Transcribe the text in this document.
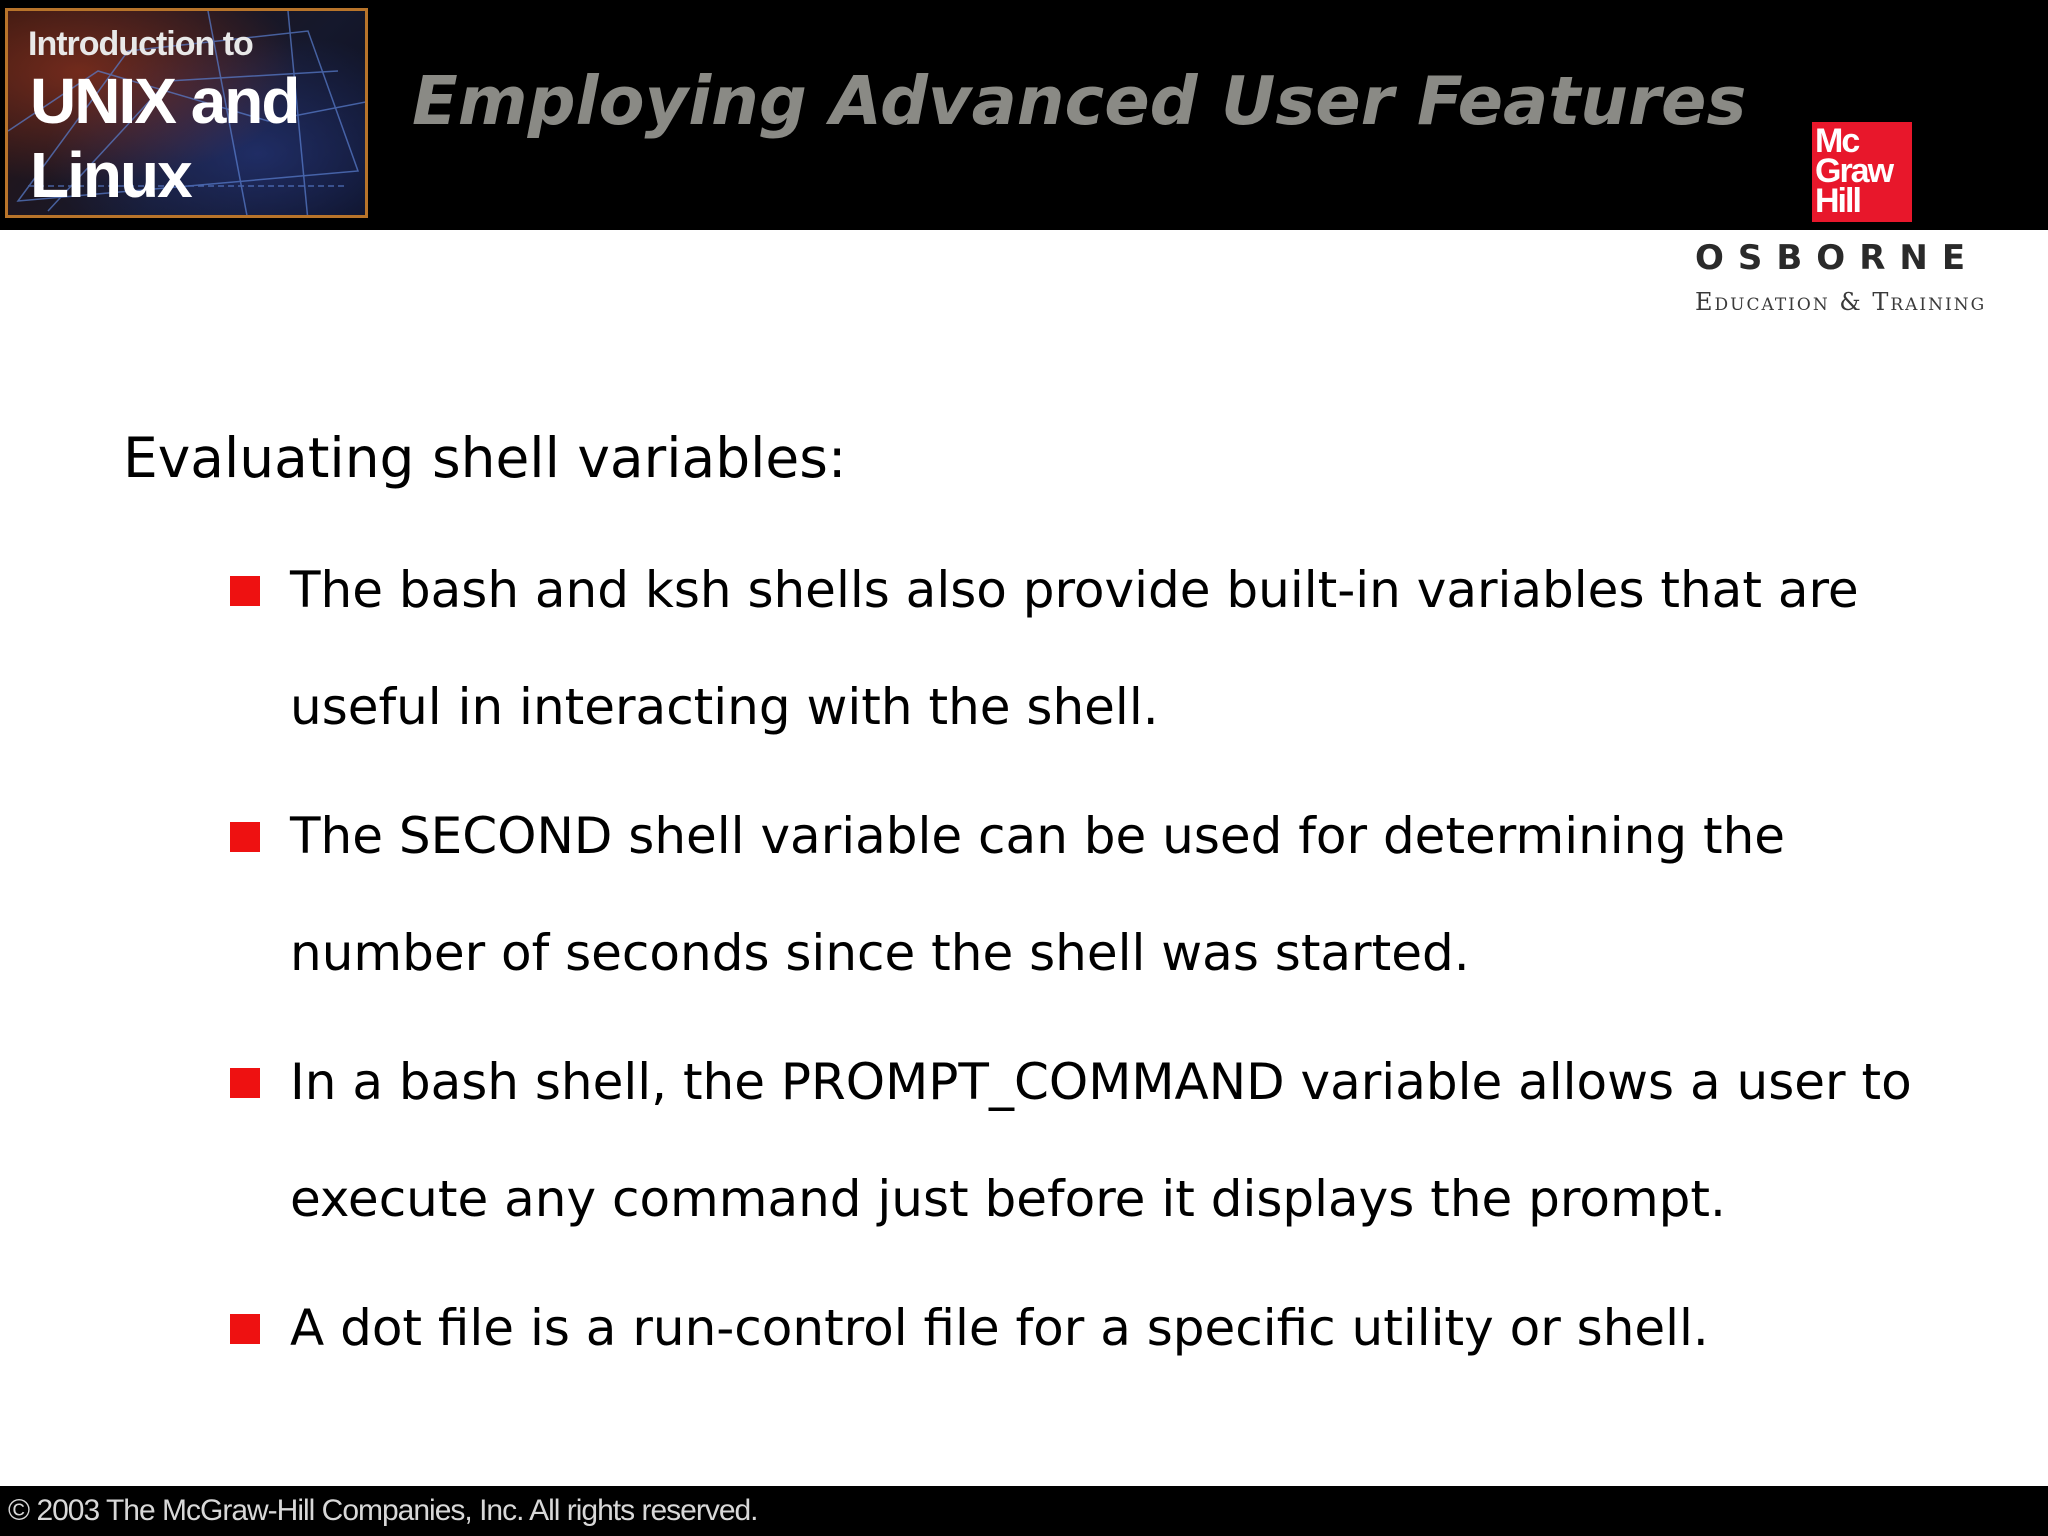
Introduction to
UNIX and
Linux
Employing Advanced User Features
Mc
Graw
Hill
OSBORNE
Education & Training
Evaluating shell variables:
The bash and ksh shells also provide built-in variables that are useful in interacting with the shell.
The SECOND shell variable can be used for determining the number of seconds since the shell was started.
In a bash shell, the PROMPT_COMMAND variable allows a user to execute any command just before it displays the prompt.
A dot file is a run-control file for a specific utility or shell.
© 2003 The McGraw-Hill Companies, Inc. All rights reserved.
